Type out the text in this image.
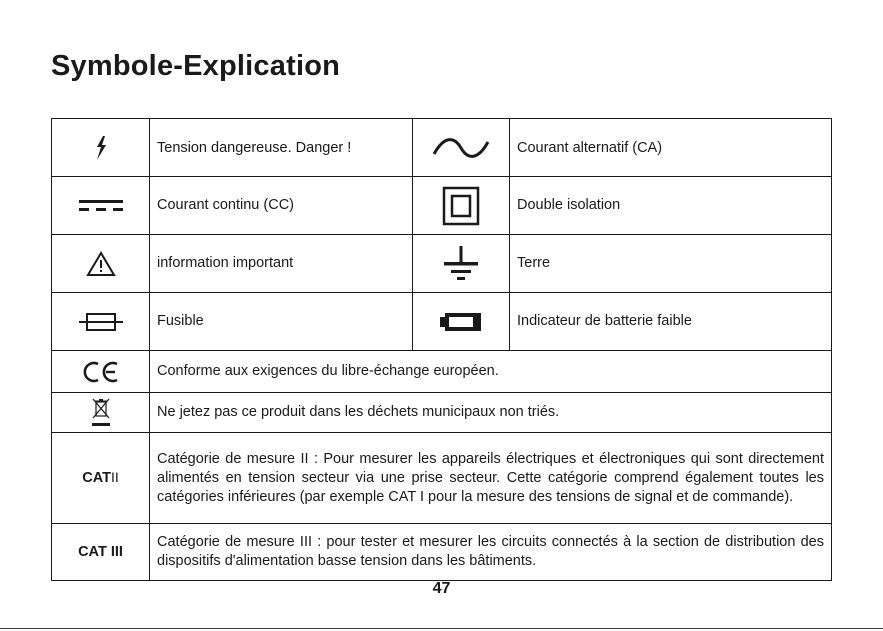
Symbole-Explication
	Tension dangereuse. Danger !		Courant alternatif (CA)

	Courant continu (CC)		Double isolation

	information important		Terre

	Fusible		Indicateur de batterie faible

	Conforme aux exigences du libre-échange européen.		

	Ne jetez pas ce produit dans les déchets municipaux non triés.		
CATII	Catégorie de mesure II : Pour mesurer les appareils électriques et électroniques qui sont directement alimentés en tension secteur via une prise secteur. Cette catégorie comprend également toutes les catégories inférieures (par exemple CAT I pour la mesure des tensions de signal et de commande).		
CAT III	Catégorie de mesure III : pour tester et mesurer les circuits connectés à la section de distribution des dispositifs d'alimentation basse tension dans les bâtiments.		
47
